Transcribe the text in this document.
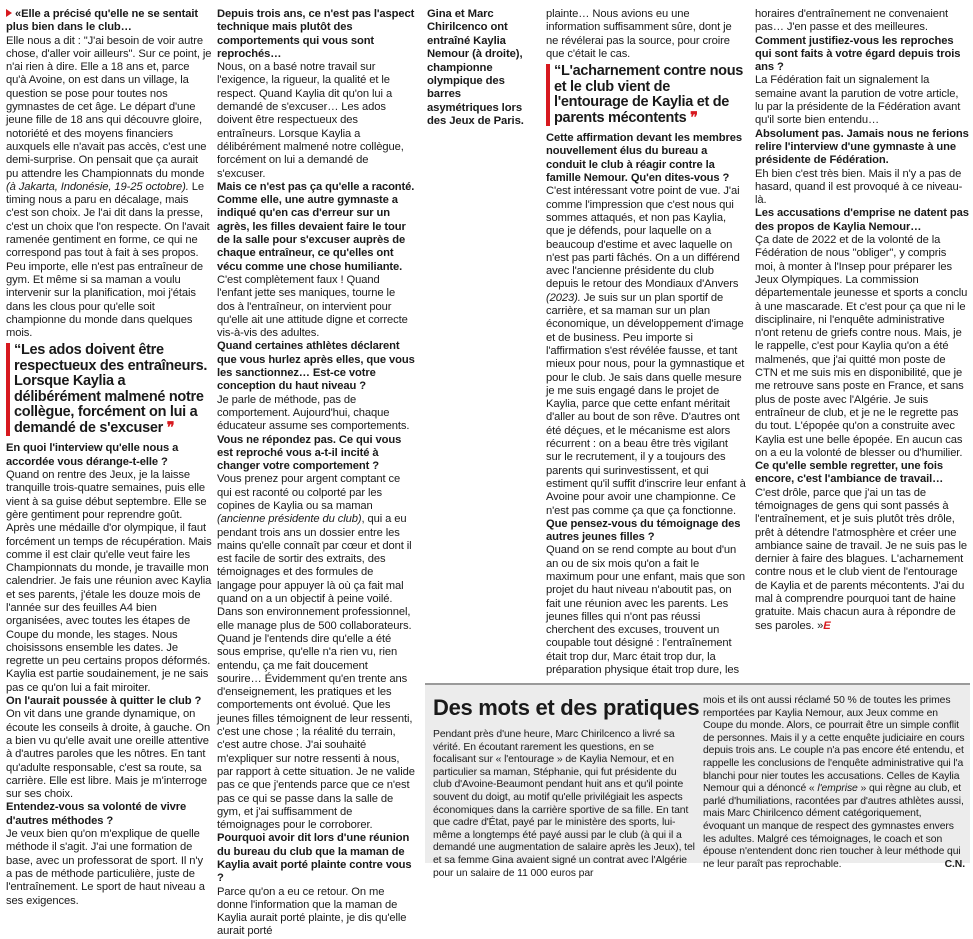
«Elle a précisé qu'elle ne se sentait plus bien dans le club…

Elle nous a dit : "J'ai besoin de voir autre chose, d'aller voir ailleurs". Sur ce point, je n'ai rien à dire. Elle a 18 ans et, parce qu'à Avoine, on est dans un village, la question se pose pour toutes nos gymnastes de cet âge. Le départ d'une jeune fille de 18 ans qui découvre gloire, notoriété et des moyens financiers auxquels elle n'avait pas accès, c'est une demi-surprise. On pensait que ça aurait pu attendre les Championnats du monde (à Jakarta, Indonésie, 19-25 octobre). Le timing nous a paru en décalage, mais c'est son choix. Je l'ai dit dans la presse, c'est un choix que l'on respecte. On l'avait ramenée gentiment en forme, ce qui ne correspond pas tout à fait à ses propos. Peu importe, elle n'est pas entraîneur de gym. Et même si sa maman a voulu intervenir sur la planification, moi j'étais dans les clous pour qu'elle soit championne du monde dans quelques mois.

“Les ados doivent être respectueux des entraîneurs. Lorsque Kaylia a délibérément malmené notre collègue, forcément on lui a demandé de s'excuser ❞

En quoi l'interview qu'elle nous a accordée vous dérange-t-elle ?

Quand on rentre des Jeux, je la laisse tranquille trois-quatre semaines, puis elle vient à sa guise début septembre. Elle se gère gentiment pour reprendre goût. Après une médaille d'or olympique, il faut forcément un temps de récupération. Mais comme il est clair qu'elle veut faire les Championnats du monde, je travaille mon calendrier. Je fais une réunion avec Kaylia et ses parents, j'étale les douze mois de l'année sur des feuilles A4 bien organisées, avec toutes les étapes de Coupe du monde, les stages. Nous choisissons ensemble les dates. Je regrette un peu certains propos déformés. Kaylia est partie soudainement, je ne sais pas ce qu'on lui a fait miroiter.

On l'aurait poussée à quitter le club ?

On vit dans une grande dynamique, on écoute les conseils à droite, à gauche. On a bien vu qu'elle avait une oreille attentive à d'autres paroles que les nôtres. En tant qu'adulte responsable, c'est sa route, sa carrière. Elle est libre. Mais je m'interroge sur ses choix.

Entendez-vous sa volonté de vivre d'autres méthodes ?

Je veux bien qu'on m'explique de quelle méthode il s'agit. J'ai une formation de base, avec un professorat de sport. Il n'y a pas de méthode particulière, juste de l'entraînement. Le sport de haut niveau a ses exigences.

Depuis trois ans, ce n'est pas l'aspect technique mais plutôt des comportements qui vous sont reprochés…

Nous, on a basé notre travail sur l'exigence, la rigueur, la qualité et le respect. Quand Kaylia dit qu'on lui a demandé de s'excuser… Les ados doivent être respectueux des entraîneurs. Lorsque Kaylia a délibérément malmené notre collègue, forcément on lui a demandé de s'excuser.

Mais ce n'est pas ça qu'elle a raconté. Comme elle, une autre gymnaste a indiqué qu'en cas d'erreur sur un agrès, les filles devaient faire le tour de la salle pour s'excuser auprès de chaque entraîneur, ce qu'elles ont vécu comme une chose humiliante.

C'est complètement faux ! Quand l'enfant jette ses maniques, tourne le dos à l'entraîneur, on intervient pour qu'elle ait une attitude digne et correcte vis-à-vis des adultes.

Quand certaines athlètes déclarent que vous hurlez après elles, que vous les sanctionnez… Est-ce votre conception du haut niveau ?

Je parle de méthode, pas de comportement. Aujourd'hui, chaque éducateur assume ses comportements.

Vous ne répondez pas. Ce qui vous est reproché vous a-t-il incité à changer votre comportement ?

Vous prenez pour argent comptant ce qui est raconté ou colporté par les copines de Kaylia ou sa maman (ancienne présidente du club), qui a eu pendant trois ans un dossier entre les mains qu'elle connaît par cœur et dont il est facile de sortir des extraits, des témoignages et des formules de langage pour appuyer là où ça fait mal quand on a un objectif à peine voilé. Dans son environnement professionnel, elle manage plus de 500 collaborateurs. Quand je l'entends dire qu'elle a été sous emprise, qu'elle n'a rien vu, rien entendu, ça me fait doucement sourire… Évidemment qu'en trente ans d'enseignement, les pratiques et les comportements ont évolué. Que les jeunes filles témoignent de leur ressenti, c'est une chose ; la réalité du terrain, c'est autre chose. J'ai souhaité m'expliquer sur notre ressenti à nous, par rapport à cette situation. Je ne valide pas ce que j'entends parce que ce n'est pas ce qui se passe dans la salle de gym, et j'ai suffisamment de témoignages pour le corroborer.

Pourquoi avoir dit lors d'une réunion du bureau du club que la maman de Kaylia avait porté plainte contre vous ?

Parce qu'on a eu ce retour. On me donne l'information que la maman de Kaylia aurait porté plainte, je dis qu'elle aurait porté

Gina et Marc Chirilcenco ont entraîné Kaylia Nemour (à droite), championne olympique des barres asymétriques lors des Jeux de Paris.

plainte… Nous avions eu une information suffisamment sûre, dont je ne révélerai pas la source, pour croire que c'était le cas.

“L'acharnement contre nous et le club vient de l'entourage de Kaylia et de parents mécontents ❞

Cette affirmation devant les membres nouvellement élus du bureau a conduit le club à réagir contre la famille Nemour. Qu'en dites-vous ?

C'est intéressant votre point de vue. J'ai comme l'impression que c'est nous qui sommes attaqués, et non pas Kaylia, que je défends, pour laquelle on a beaucoup d'estime et avec laquelle on n'est pas parti fâchés. On a un différend avec l'ancienne présidente du club depuis le retour des Mondiaux d'Anvers (2023). Je suis sur un plan sportif de carrière, et sa maman sur un plan économique, un développement d'image et de business. Peu importe si l'affirmation s'est révélée fausse, et tant mieux pour nous, pour la gymnastique et pour le club. Je sais dans quelle mesure je me suis engagé dans le projet de Kaylia, parce que cette enfant méritait d'aller au bout de son rêve. D'autres ont été déçues, et le mécanisme est alors récurrent : on a beau être très vigilant sur le recrutement, il y a toujours des parents qui surinvestissent, et qui estiment qu'il suffit d'inscrire leur enfant à Avoine pour avoir une championne. Ce n'est pas comme ça que ça fonctionne.

Que pensez-vous du témoignage des autres jeunes filles ?

Quand on se rend compte au bout d'un an ou de six mois qu'on a fait le maximum pour une enfant, mais que son projet du haut niveau n'aboutit pas, on fait une réunion avec les parents. Les jeunes filles qui n'ont pas réussi cherchent des excuses, trouvent un coupable tout désigné : l'entraînement était trop dur, Marc était trop dur, la préparation physique était trop dure, les

horaires d'entraînement ne convenaient pas… J'en passe et des meilleures.

Comment justifiez-vous les reproches qui sont faits à votre égard depuis trois ans ?

La Fédération fait un signalement la semaine avant la parution de votre article, lu par la présidente de la Fédération avant qu'il sorte bien entendu…

Absolument pas. Jamais nous ne ferions relire l'interview d'une gymnaste à une présidente de Fédération.

Eh bien c'est très bien. Mais il n'y a pas de hasard, quand il est provoqué à ce niveau-là.

Les accusations d'emprise ne datent pas des propos de Kaylia Nemour…

Ça date de 2022 et de la volonté de la Fédération de nous "obliger", y compris moi, à monter à l'Insep pour préparer les Jeux Olympiques. La commission départementale jeunesse et sports a conclu à une mascarade. Et c'est pour ça que ni le disciplinaire, ni l'enquête administrative n'ont retenu de griefs contre nous. Mais, je le rappelle, c'est pour Kaylia qu'on a été malmenés, que j'ai quitté mon poste de CTN et me suis mis en disponibilité, que je me retrouve sans poste en France, et sans plus de poste avec l'Algérie. Je suis entraîneur de club, et je ne le regrette pas du tout. L'épopée qu'on a construite avec Kaylia est une belle épopée. En aucun cas on a eu la volonté de blesser ou d'humilier.

Ce qu'elle semble regretter, une fois encore, c'est l'ambiance de travail…

C'est drôle, parce que j'ai un tas de témoignages de gens qui sont passés à l'entraînement, et je suis plutôt très drôle, prêt à détendre l'atmosphère et créer une ambiance saine de travail. Je ne suis pas le dernier à faire des blagues. L'acharnement contre nous et le club vient de l'entourage de Kaylia et de parents mécontents. J'ai du mal à comprendre pourquoi tant de haine gratuite. Mais chacun aura à répondre de ses paroles. »E

Des mots et des pratiques
Pendant près d'une heure, Marc Chirilcenco a livré sa vérité. En écoutant rarement les questions, en se focalisant sur « l'entourage » de Kaylia Nemour, et en particulier sa maman, Stéphanie, qui fut présidente du club d'Avoine-Beaumont pendant huit ans et qu'il pointe souvent du doigt, au motif qu'elle privilégiait les aspects économiques dans la carrière sportive de sa fille. En tant que cadre d'État, payé par le ministère des sports, lui-même a longtemps été payé aussi par le club (à qui il a demandé une augmentation de salaire après les Jeux), tel et sa femme Gina avaient signé un contrat avec l'Algérie pour un salaire de 11 000 euros par
mois et ils ont aussi réclamé 50 % de toutes les primes remportées par Kaylia Nemour, aux Jeux comme en Coupe du monde. Alors, ce pourrait être un simple conflit de personnes. Mais il y a cette enquête judiciaire en cours depuis trois ans. Le couple n'a pas encore été entendu, et rappelle les conclusions de l'enquête administrative qui l'a blanchi pour nier toutes les accusations. Celles de Kaylia Nemour qui a dénoncé « l'emprise » qui règne au club, et parlé d'humiliations, racontées par d'autres athlètes aussi, mais Marc Chirilcenco dément catégoriquement, évoquant un manque de respect des gymnastes envers les adultes. Malgré ces témoignages, le coach et son épouse n'entendent donc rien toucher à leur méthode qui ne leur paraît pas reprochable.	C.N.
